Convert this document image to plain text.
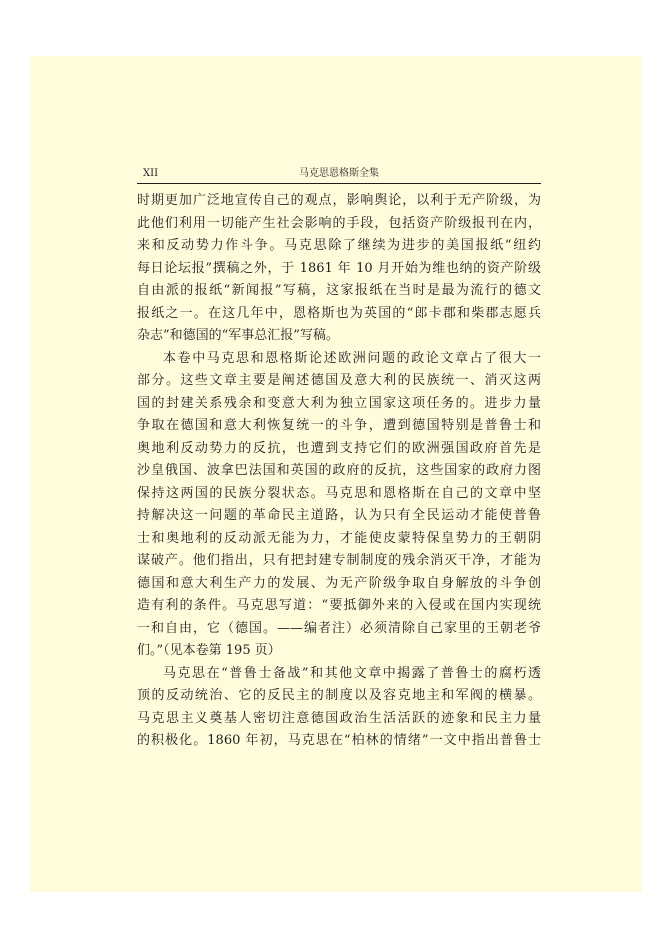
XII	马克思恩格斯全集
时期更加广泛地宣传自己的观点，影响舆论，以利于无产阶级，为
此他们利用一切能产生社会影响的手段，包括资产阶级报刊在内，
来和反动势力作斗争。马克思除了继续为进步的美国报纸“纽约
每日论坛报”撰稿之外，于 1861 年 10 月开始为维也纳的资产阶级
自由派的报纸“新闻报”写稿，这家报纸在当时是最为流行的德文
报纸之一。在这几年中，恩格斯也为英国的“郎卡郡和柴郡志愿兵
杂志”和德国的“军事总汇报”写稿。
本卷中马克思和恩格斯论述欧洲问题的政论文章占了很大一
部分。这些文章主要是阐述德国及意大利的民族统一、消灭这两
国的封建关系残余和变意大利为独立国家这项任务的。进步力量
争取在德国和意大利恢复统一的斗争，遭到德国特别是普鲁士和
奥地利反动势力的反抗，也遭到支持它们的欧洲强国政府首先是
沙皇俄国、波拿巴法国和英国的政府的反抗，这些国家的政府力图
保持这两国的民族分裂状态。马克思和恩格斯在自己的文章中坚
持解决这一问题的革命民主道路，认为只有全民运动才能使普鲁
士和奥地利的反动派无能为力，才能使皮蒙特保皇势力的王朝阴
谋破产。他们指出，只有把封建专制制度的残余消灭干净，才能为
德国和意大利生产力的发展、为无产阶级争取自身解放的斗争创
造有利的条件。马克思写道：“要抵御外来的入侵或在国内实现统
一和自由，它（德国。——编者注）必须清除自己家里的王朝老爷
们。”（见本卷第 195 页）
马克思在“普鲁士备战”和其他文章中揭露了普鲁士的腐朽透
顶的反动统治、它的反民主的制度以及容克地主和军阀的横暴。
马克思主义奠基人密切注意德国政治生活活跃的迹象和民主力量
的积极化。1860 年初，马克思在“柏林的情绪”一文中指出普鲁士
